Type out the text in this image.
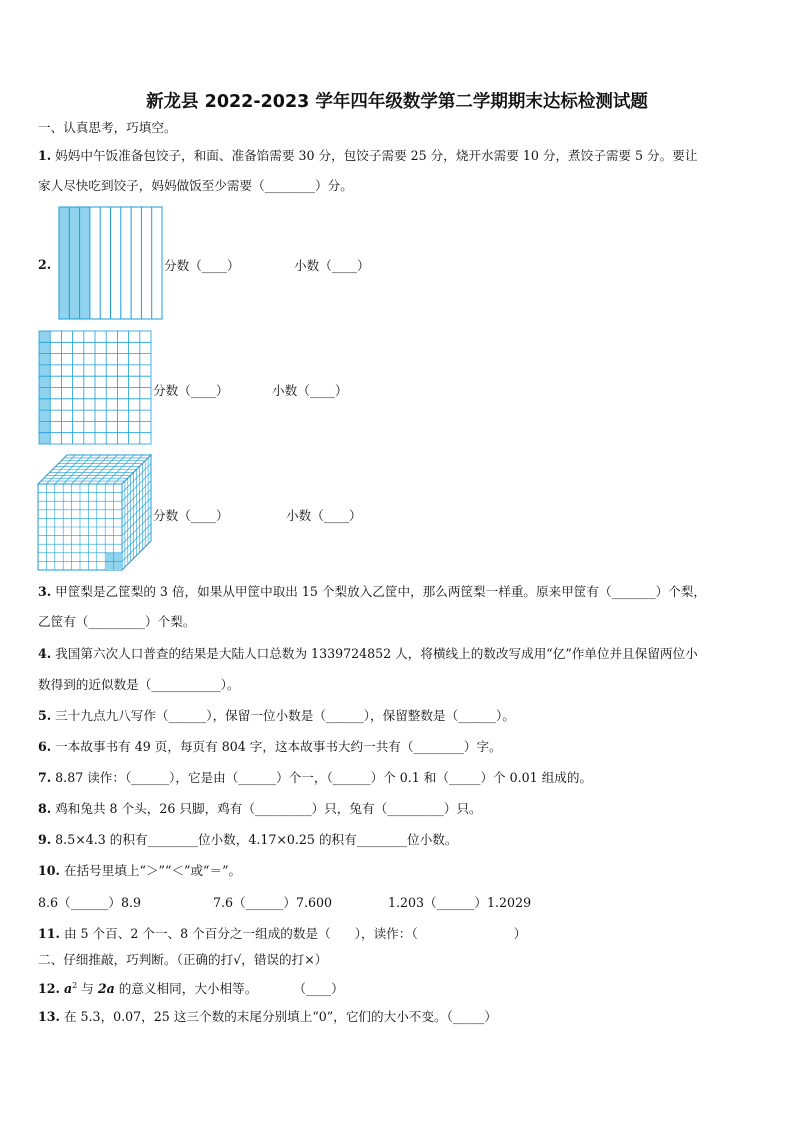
新龙县 2022-2023 学年四年级数学第二学期期末达标检测试题
一、认真思考，巧填空。
1. 妈妈中午饭准备包饺子，和面、准备馅需要 30 分，包饺子需要 25 分，烧开水需要 10 分，煮饺子需要 5 分。要让
家人尽快吃到饺子，妈妈做饭至少需要（________）分。
2.	分数（____）	小数（____）
分数（____）	小数（____）
分数（____）	小数（____）
3. 甲筐梨是乙筐梨的 3 倍，如果从甲筐中取出 15 个梨放入乙筐中，那么两筐梨一样重。原来甲筐有（_______）个梨，
乙筐有（_________）个梨。
4. 我国第六次人口普查的结果是大陆人口总数为 1339724852 人，将横线上的数改写成用“亿”作单位并且保留两位小
数得到的近似数是（___________）。
5. 三十九点九八写作（______），保留一位小数是（______），保留整数是（______）。
6. 一本故事书有 49 页，每页有 804 字，这本故事书大约一共有（________）字。
7. 8.87 读作：（______），它是由（______）个一，（______）个 0.1 和（_____）个 0.01 组成的。
8. 鸡和兔共 8 个头，26 只脚，鸡有（_________）只，兔有（_________）只。
9. 8.5×4.3 的积有________位小数，4.17×0.25 的积有________位小数。
10. 在括号里填上“＞”“＜”或“＝”。
8.6（______）8.9	7.6（______）7.600	1.203（______）1.2029
11. 由 5 个百、2 个一、8 个百分之一组成的数是（      ），读作：（                        ）
二、仔细推敲，巧判断。（正确的打√，错误的打×）
12. $a^2$ 与 2a 的意义相同，大小相等。	（____）
13. 在 5.3，0.07，25 这三个数的末尾分别填上“0”，它们的大小不变。（_____）
